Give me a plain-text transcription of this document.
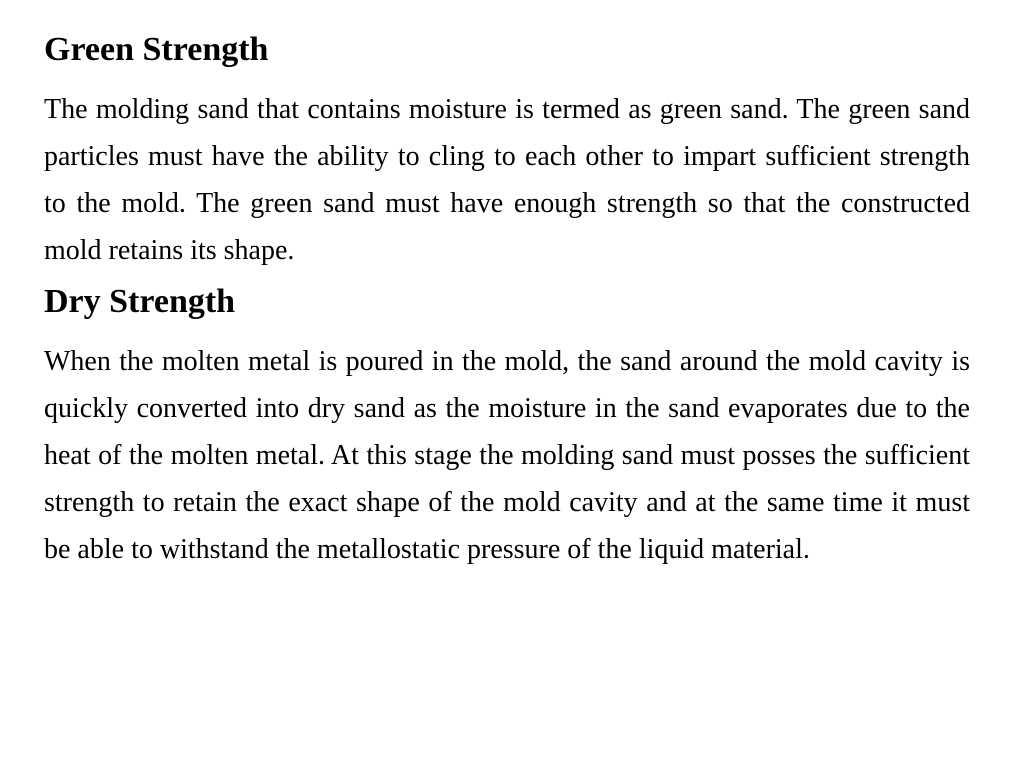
Green Strength

The molding sand that contains moisture is termed as green sand. The green sand particles must have the ability to cling to each other to impart sufficient strength to the mold. The green sand must have enough strength so that the constructed mold retains its shape.

Dry Strength

When the molten metal is poured in the mold, the sand around the mold cavity is quickly converted into dry sand as the moisture in the sand evaporates due to the heat of the molten metal. At this stage the molding sand must posses the sufficient strength to retain the exact shape of the mold cavity and at the same time it must be able to withstand the metallostatic pressure of the liquid material.
